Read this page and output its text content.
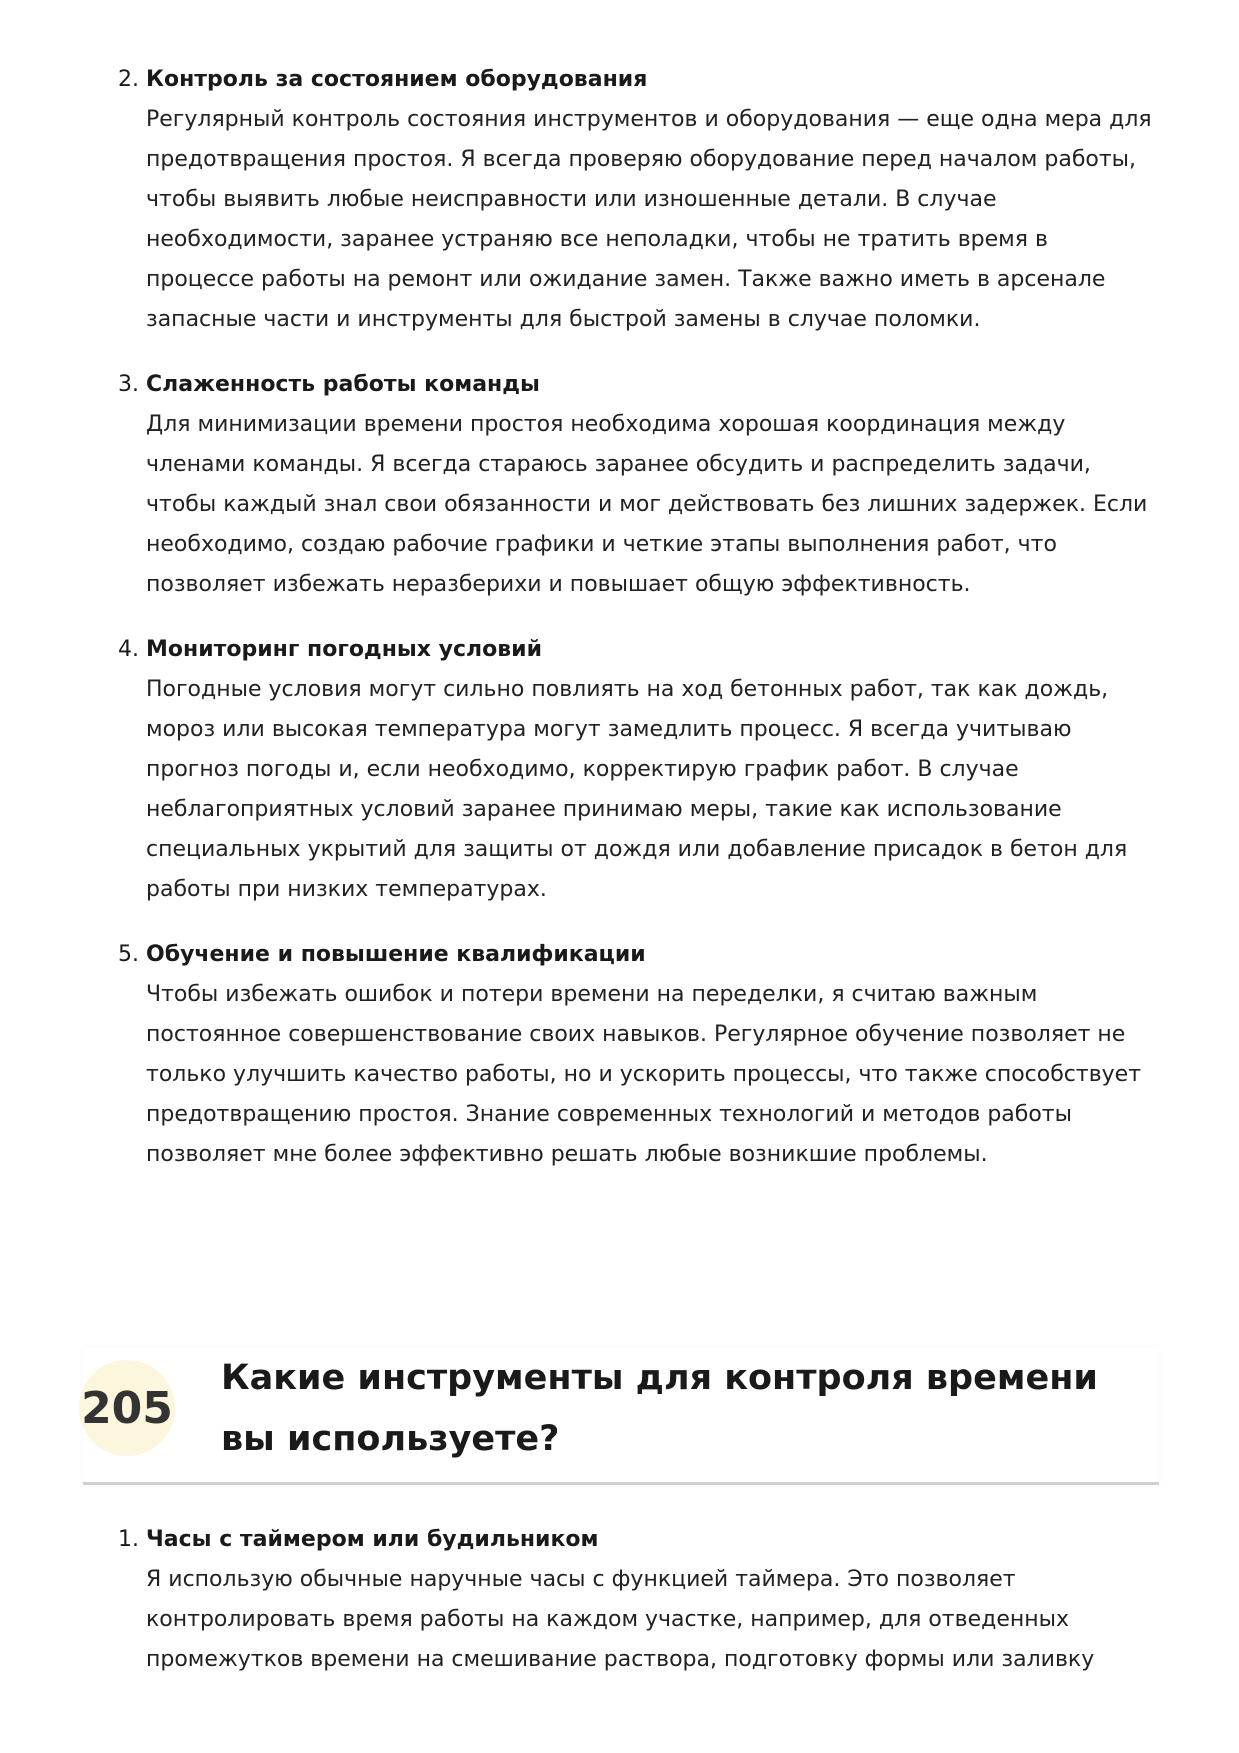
2. Контроль за состоянием оборудования
Регулярный контроль состояния инструментов и оборудования — еще одна мера для предотвращения простоя. Я всегда проверяю оборудование перед началом работы, чтобы выявить любые неисправности или изношенные детали. В случае необходимости, заранее устраняю все неполадки, чтобы не тратить время в процессе работы на ремонт или ожидание замен. Также важно иметь в арсенале запасные части и инструменты для быстрой замены в случае поломки.
3. Слаженность работы команды
Для минимизации времени простоя необходима хорошая координация между членами команды. Я всегда стараюсь заранее обсудить и распределить задачи, чтобы каждый знал свои обязанности и мог действовать без лишних задержек. Если необходимо, создаю рабочие графики и четкие этапы выполнения работ, что позволяет избежать неразберихи и повышает общую эффективность.
4. Мониторинг погодных условий
Погодные условия могут сильно повлиять на ход бетонных работ, так как дождь, мороз или высокая температура могут замедлить процесс. Я всегда учитываю прогноз погоды и, если необходимо, корректирую график работ. В случае неблагоприятных условий заранее принимаю меры, такие как использование специальных укрытий для защиты от дождя или добавление присадок в бетон для работы при низких температурах.
5. Обучение и повышение квалификации
Чтобы избежать ошибок и потери времени на переделки, я считаю важным постоянное совершенствование своих навыков. Регулярное обучение позволяет не только улучшить качество работы, но и ускорить процессы, что также способствует предотвращению простоя. Знание современных технологий и методов работы позволяет мне более эффективно решать любые возникшие проблемы.
205
Какие инструменты для контроля времени вы используете?
1. Часы с таймером или будильником
Я использую обычные наручные часы с функцией таймера. Это позволяет контролировать время работы на каждом участке, например, для отведенных промежутков времени на смешивание раствора, подготовку формы или заливку
